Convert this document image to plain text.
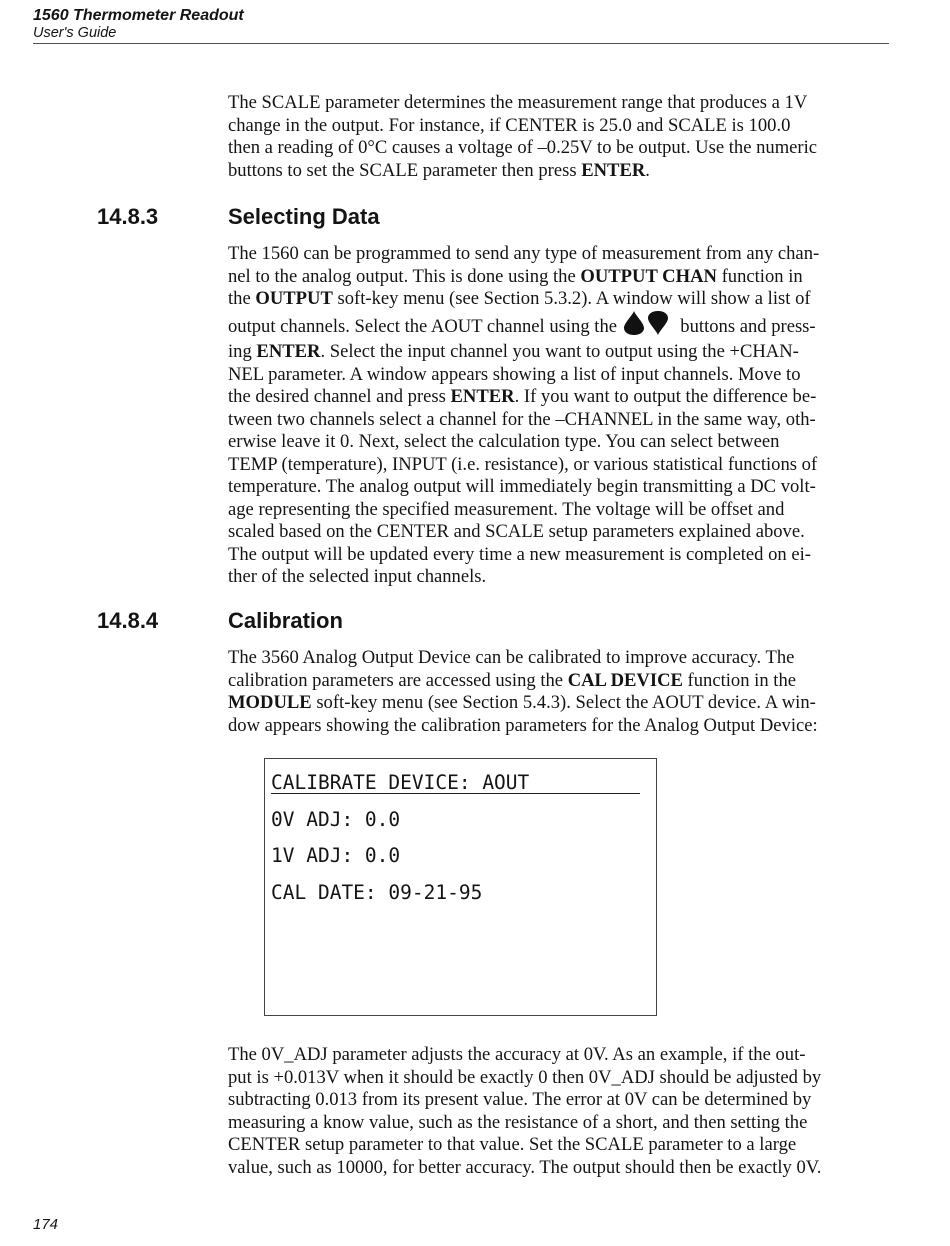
1560 Thermometer Readout
User's Guide
The SCALE parameter determines the measurement range that produces a 1V
change in the output. For instance, if CENTER is 25.0 and SCALE is 100.0
then a reading of 0°C causes a voltage of –0.25V to be output. Use the numeric
buttons to set the SCALE parameter then press ENTER.
14.8.3	Selecting Data
The 1560 can be programmed to send any type of measurement from any chan-
nel to the analog output. This is done using the OUTPUT CHAN function in
the OUTPUT soft-key menu (see Section 5.3.2). A window will show a list of
output channels. Select the AOUT channel using the	buttons and press-
ing ENTER. Select the input channel you want to output using the +CHAN-
NEL parameter. A window appears showing a list of input channels. Move to
the desired channel and press ENTER. If you want to output the difference be-
tween two channels select a channel for the –CHANNEL in the same way, oth-
erwise leave it 0. Next, select the calculation type. You can select between
TEMP (temperature), INPUT (i.e. resistance), or various statistical functions of
temperature. The analog output will immediately begin transmitting a DC volt-
age representing the specified measurement. The voltage will be offset and
scaled based on the CENTER and SCALE setup parameters explained above.
The output will be updated every time a new measurement is completed on ei-
ther of the selected input channels.
14.8.4	Calibration
The 3560 Analog Output Device can be calibrated to improve accuracy. The
calibration parameters are accessed using the CAL DEVICE function in the
MODULE soft-key menu (see Section 5.4.3). Select the AOUT device. A win-
dow appears showing the calibration parameters for the Analog Output Device:
CALIBRATE DEVICE: AOUT
0V ADJ: 0.0
1V ADJ: 0.0
CAL DATE: 09-21-95
The 0V_ADJ parameter adjusts the accuracy at 0V. As an example, if the out-
put is +0.013V when it should be exactly 0 then 0V_ADJ should be adjusted by
subtracting 0.013 from its present value. The error at 0V can be determined by
measuring a know value, such as the resistance of a short, and then setting the
CENTER setup parameter to that value. Set the SCALE parameter to a large
value, such as 10000, for better accuracy. The output should then be exactly 0V.
174
